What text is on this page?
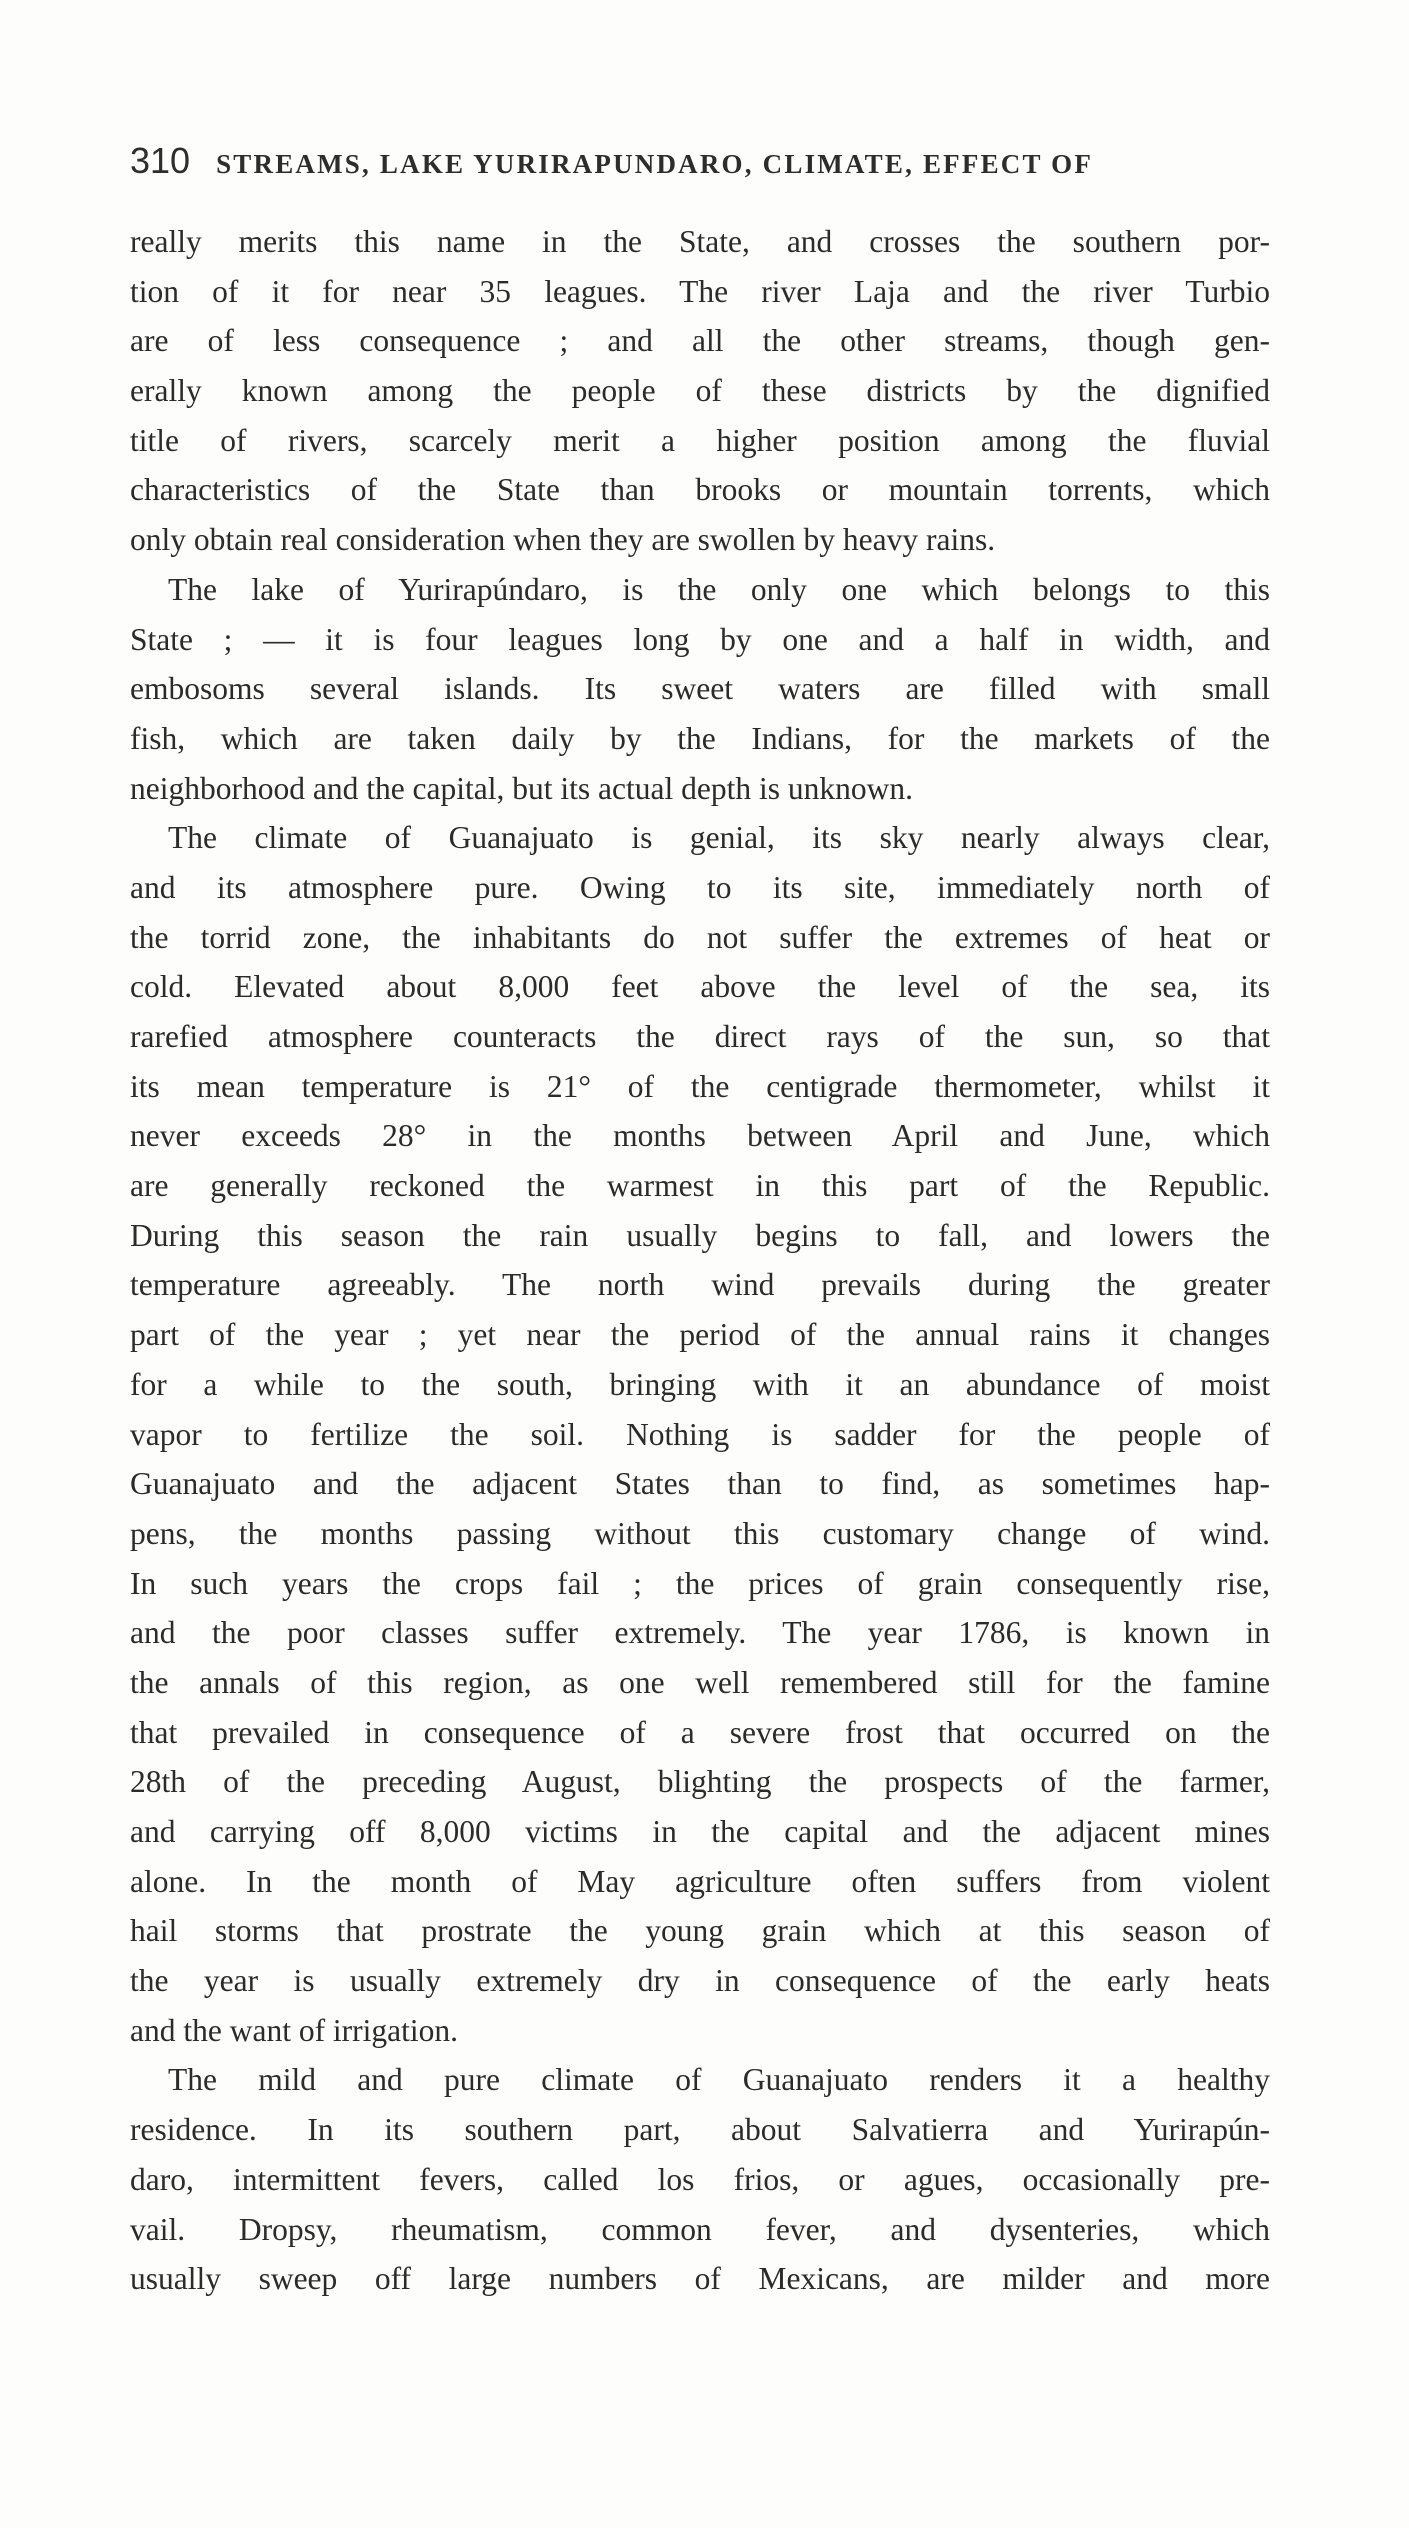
310 STREAMS, LAKE YURIRAPUNDARO, CLIMATE, EFFECT OF
really merits this name in the State, and crosses the southern por-
tion of it for near 35 leagues. The river Laja and the river Turbio
are of less consequence ; and all the other streams, though gen-
erally known among the people of these districts by the dignified
title of rivers, scarcely merit a higher position among the fluvial
characteristics of the State than brooks or mountain torrents, which
only obtain real consideration when they are swollen by heavy rains.
The lake of Yurirapúndaro, is the only one which belongs to this
State ; — it is four leagues long by one and a half in width, and
embosoms several islands. Its sweet waters are filled with small
fish, which are taken daily by the Indians, for the markets of the
neighborhood and the capital, but its actual depth is unknown.
The climate of Guanajuato is genial, its sky nearly always clear,
and its atmosphere pure. Owing to its site, immediately north of
the torrid zone, the inhabitants do not suffer the extremes of heat or
cold. Elevated about 8,000 feet above the level of the sea, its
rarefied atmosphere counteracts the direct rays of the sun, so that
its mean temperature is 21° of the centigrade thermometer, whilst it
never exceeds 28° in the months between April and June, which
are generally reckoned the warmest in this part of the Republic.
During this season the rain usually begins to fall, and lowers the
temperature agreeably. The north wind prevails during the greater
part of the year ; yet near the period of the annual rains it changes
for a while to the south, bringing with it an abundance of moist
vapor to fertilize the soil. Nothing is sadder for the people of
Guanajuato and the adjacent States than to find, as sometimes hap-
pens, the months passing without this customary change of wind.
In such years the crops fail ; the prices of grain consequently rise,
and the poor classes suffer extremely. The year 1786, is known in
the annals of this region, as one well remembered still for the famine
that prevailed in consequence of a severe frost that occurred on the
28th of the preceding August, blighting the prospects of the farmer,
and carrying off 8,000 victims in the capital and the adjacent mines
alone. In the month of May agriculture often suffers from violent
hail storms that prostrate the young grain which at this season of
the year is usually extremely dry in consequence of the early heats
and the want of irrigation.
The mild and pure climate of Guanajuato renders it a healthy
residence. In its southern part, about Salvatierra and Yurirapún-
daro, intermittent fevers, called los frios, or agues, occasionally pre-
vail. Dropsy, rheumatism, common fever, and dysenteries, which
usually sweep off large numbers of Mexicans, are milder and more
